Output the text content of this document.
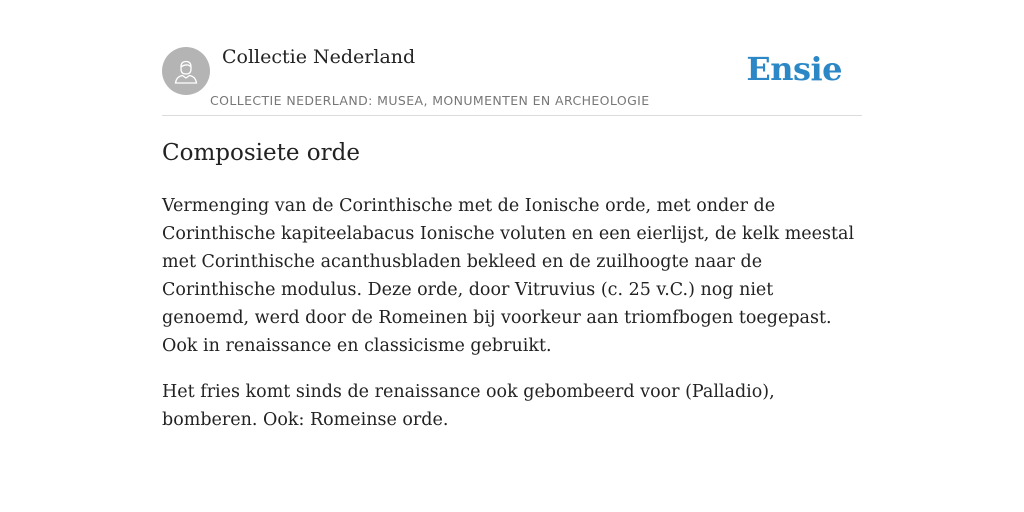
Collectie Nederland
COLLECTIE NEDERLAND: MUSEA, MONUMENTEN EN ARCHEOLOGIE
Ensie
Composiete orde

Vermenging van de Corinthische met de Ionische orde, met onder de Corinthische kapiteelabacus Ionische voluten en een eierlijst, de kelk meestal met Corinthische acanthusbladen bekleed en de zuilhoogte naar de Corinthische modulus. Deze orde, door Vitruvius (c. 25 v.C.) nog niet genoemd, werd door de Romeinen bij voorkeur aan triomfbogen toegepast. Ook in renaissance en classicisme gebruikt.

Het fries komt sinds de renaissance ook gebombeerd voor (Palladio), bomberen. Ook: Romeinse orde.
